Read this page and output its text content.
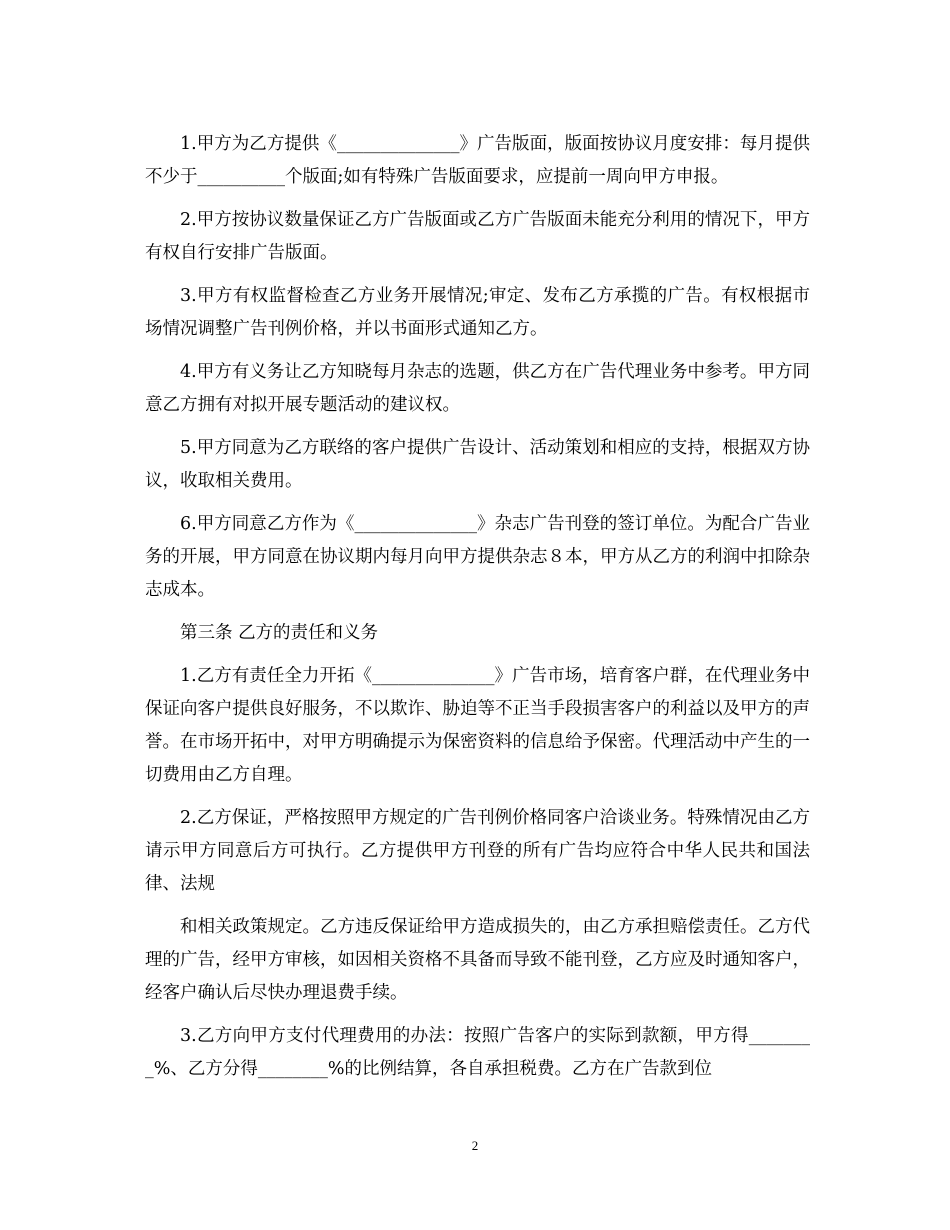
1.甲方为乙方提供《______________》广告版面，版面按协议月度安排：每月提供不少于__________个版面;如有特殊广告版面要求，应提前一周向甲方申报。

2.甲方按协议数量保证乙方广告版面或乙方广告版面未能充分利用的情况下，甲方有权自行安排广告版面。

3.甲方有权监督检查乙方业务开展情况;审定、发布乙方承揽的广告。有权根据市场情况调整广告刊例价格，并以书面形式通知乙方。

4.甲方有义务让乙方知晓每月杂志的选题，供乙方在广告代理业务中参考。甲方同意乙方拥有对拟开展专题活动的建议权。

5.甲方同意为乙方联络的客户提供广告设计、活动策划和相应的支持，根据双方协议，收取相关费用。

6.甲方同意乙方作为《______________》杂志广告刊登的签订单位。为配合广告业务的开展，甲方同意在协议期内每月向甲方提供杂志８本，甲方从乙方的利润中扣除杂志成本。

第三条 乙方的责任和义务

1.乙方有责任全力开拓《______________》广告市场，培育客户群，在代理业务中保证向客户提供良好服务，不以欺诈、胁迫等不正当手段损害客户的利益以及甲方的声誉。在市场开拓中，对甲方明确提示为保密资料的信息给予保密。代理活动中产生的一切费用由乙方自理。

2.乙方保证，严格按照甲方规定的广告刊例价格同客户洽谈业务。特殊情况由乙方请示甲方同意后方可执行。乙方提供甲方刊登的所有广告均应符合中华人民共和国法律、法规

和相关政策规定。乙方违反保证给甲方造成损失的，由乙方承担赔偿责任。乙方代理的广告，经甲方审核，如因相关资格不具备而导致不能刊登，乙方应及时通知客户，经客户确认后尽快办理退费手续。

3.乙方向甲方支付代理费用的办法：按照广告客户的实际到款额，甲方得________%、乙方分得________%的比例结算，各自承担税费。乙方在广告款到位

2
